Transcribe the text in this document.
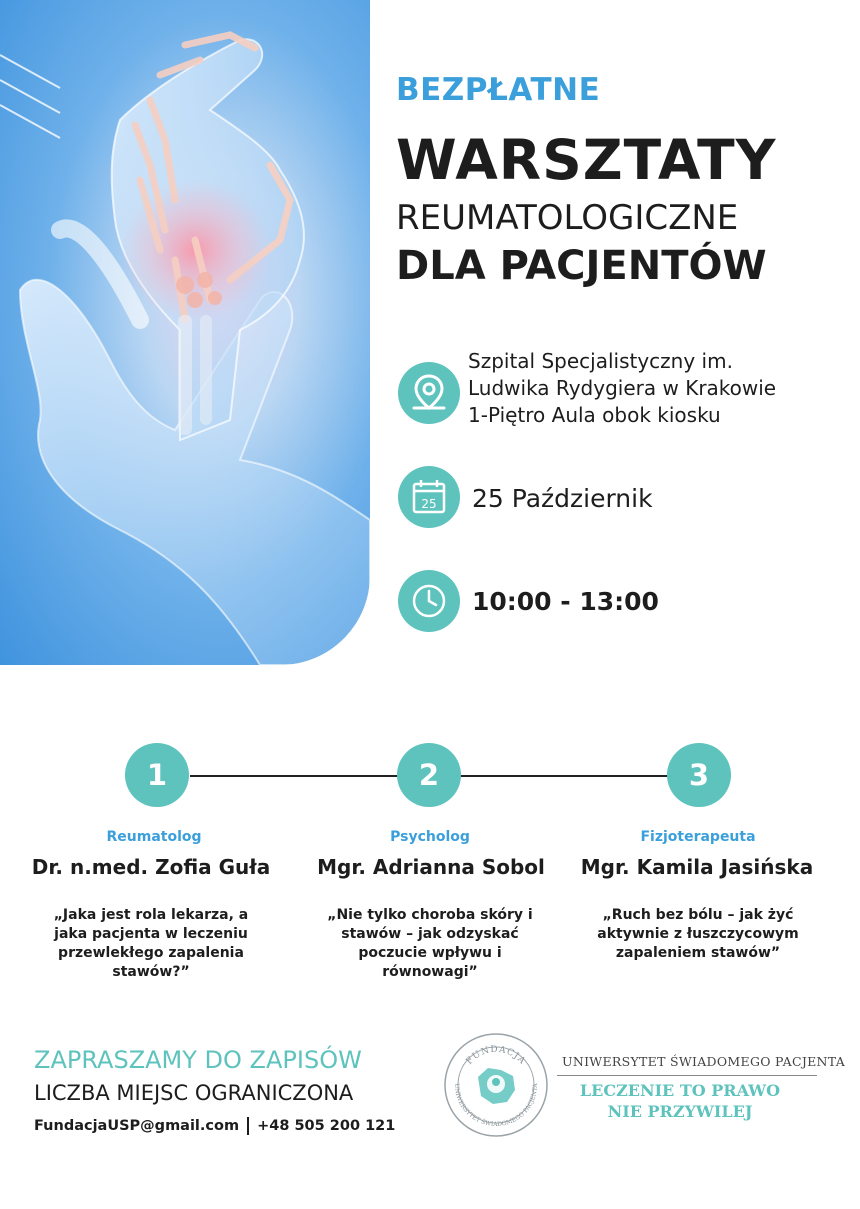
BEZPŁATNE
WARSZTATY
REUMATOLOGICZNE
DLA PACJENTÓW
Szpital Specjalistyczny im.
Ludwika Rydygiera w Krakowie
1-Piętro Aula obok kiosku
25 25 Październik
10:00 - 13:00
1	2	3
Reumatolog	Psycholog	Fizjoterapeuta
Dr. n.med. Zofia Guła	Mgr. Adrianna Sobol	Mgr. Kamila Jasińska
„Jaka jest rola lekarza, a
jaka pacjenta w leczeniu
przewlekłego zapalenia
stawów?”
„Nie tylko choroba skóry i
stawów – jak odzyskać
poczucie wpływu i
równowagi”
„Ruch bez bólu – jak żyć
aktywnie z łuszczycowym
zapaleniem stawów”
ZAPRASZAMY DO ZAPISÓW
LICZBA MIEJSC OGRANICZONA
FundacjaUSP@gmail.com +48 505 200 121
FUNDACJA
UNIWERSYTET ŚWIADOMEGO PACJENTA
UNIWERSYTET ŚWIADOMEGO PACJENTA
LECZENIE TO PRAWO
NIE PRZYWILEJ
